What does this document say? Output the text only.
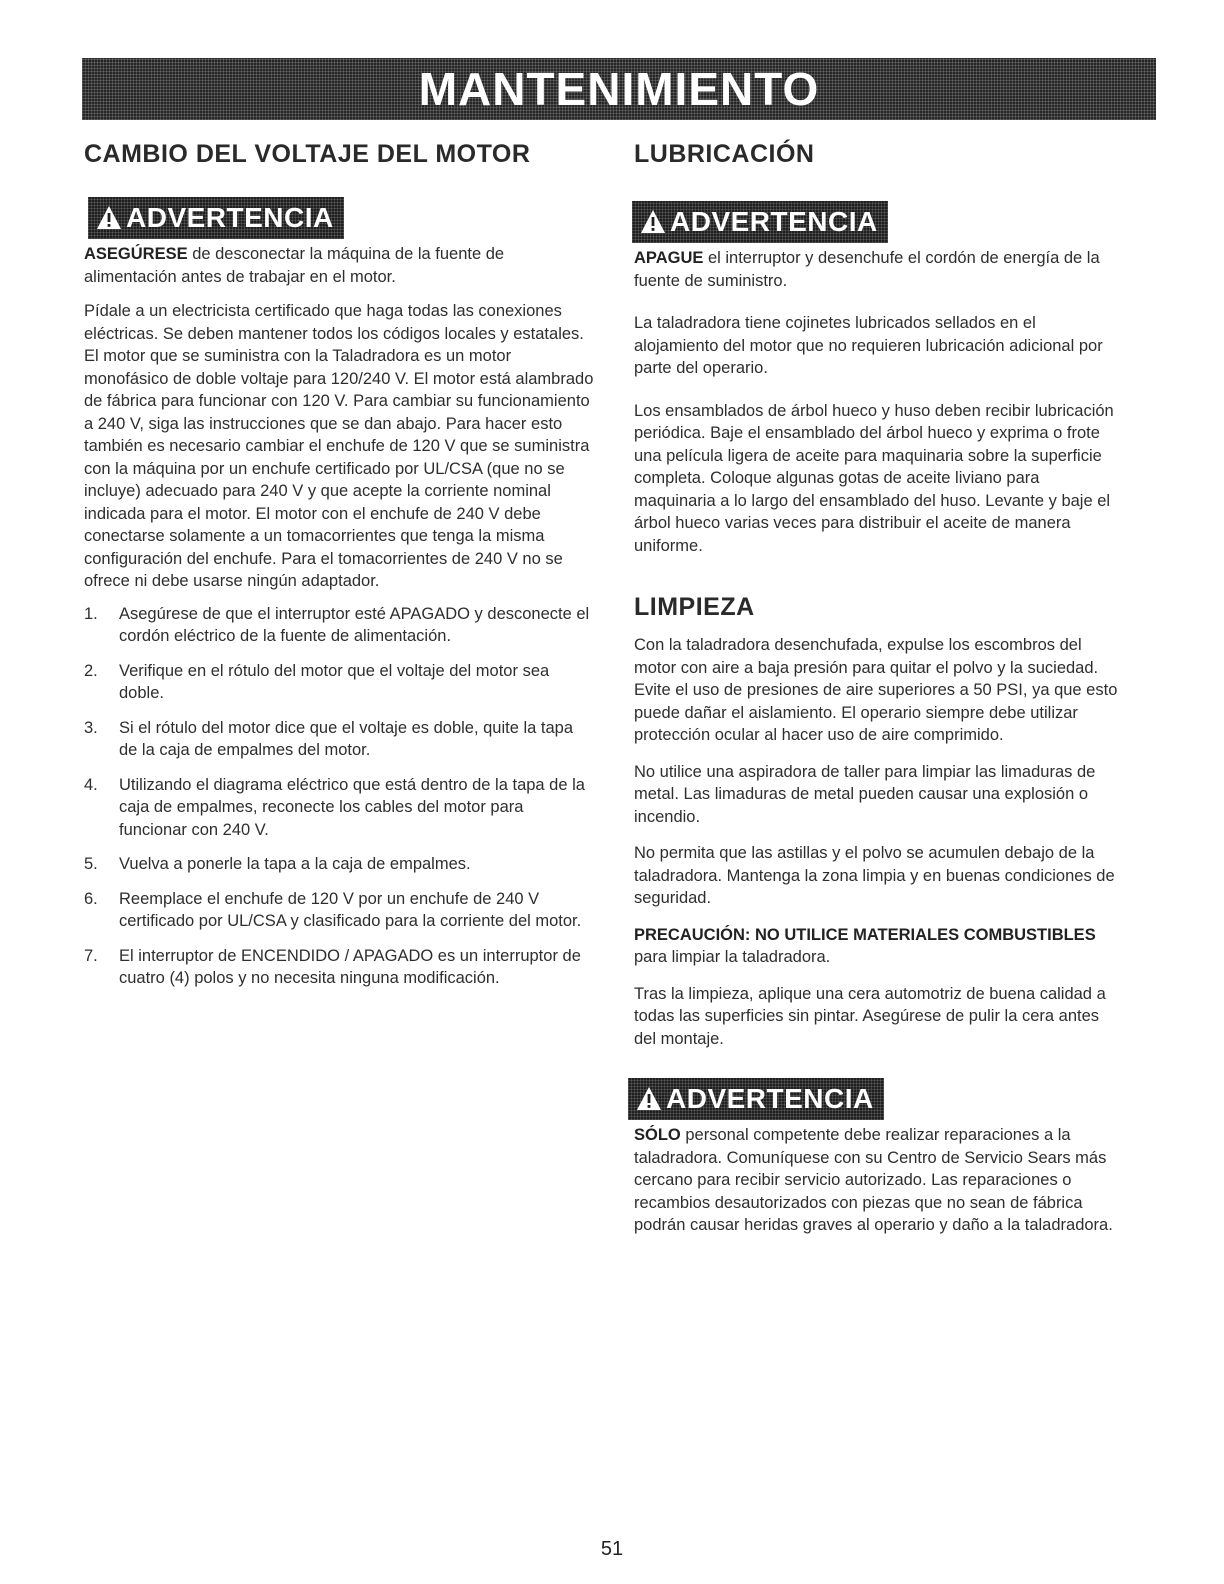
MANTENIMIENTO
CAMBIO DEL VOLTAJE DEL MOTOR
ADVERTENCIA

ASEGÚRESE de desconectar la máquina de la fuente de alimentación antes de trabajar en el motor.

Pídale a un electricista certificado que haga todas las conexiones eléctricas. Se deben mantener todos los códigos locales y estatales. El motor que se suministra con la Taladradora es un motor monofásico de doble voltaje para 120/240 V. El motor está alambrado de fábrica para funcionar con 120 V. Para cambiar su funcionamiento a 240 V, siga las instrucciones que se dan abajo. Para hacer esto también es necesario cambiar el enchufe de 120 V que se suministra con la máquina por un enchufe certificado por UL/CSA (que no se incluye) adecuado para 240 V y que acepte la corriente nominal indicada para el motor. El motor con el enchufe de 240 V debe conectarse solamente a un tomacorrientes que tenga la misma configuración del enchufe. Para el tomacorrientes de 240 V no se ofrece ni debe usarse ningún adaptador.

1. Asegúrese de que el interruptor esté APAGADO y desconecte el cordón eléctrico de la fuente de alimentación.
2. Verifique en el rótulo del motor que el voltaje del motor sea doble.
3. Si el rótulo del motor dice que el voltaje es doble, quite la tapa de la caja de empalmes del motor.
4. Utilizando el diagrama eléctrico que está dentro de la tapa de la caja de empalmes, reconecte los cables del motor para funcionar con 240 V.
5. Vuelva a ponerle la tapa a la caja de empalmes.
6. Reemplace el enchufe de 120 V por un enchufe de 240 V certificado por UL/CSA y clasificado para la corriente del motor.
7. El interruptor de ENCENDIDO / APAGADO es un interruptor de cuatro (4) polos y no necesita ninguna modificación.
LUBRICACIÓN
ADVERTENCIA

APAGUE el interruptor y desenchufe el cordón de energía de la fuente de suministro.

La taladradora tiene cojinetes lubricados sellados en el alojamiento del motor que no requieren lubricación adicional por parte del operario.

Los ensamblados de árbol hueco y huso deben recibir lubricación periódica. Baje el ensamblado del árbol hueco y exprima o frote una película ligera de aceite para maquinaria sobre la superficie completa. Coloque algunas gotas de aceite liviano para maquinaria a lo largo del ensamblado del huso. Levante y baje el árbol hueco varias veces para distribuir el aceite de manera uniforme.

LIMPIEZA

Con la taladradora desenchufada, expulse los escombros del motor con aire a baja presión para quitar el polvo y la suciedad. Evite el uso de presiones de aire superiores a 50 PSI, ya que esto puede dañar el aislamiento. El operario siempre debe utilizar protección ocular al hacer uso de aire comprimido.

No utilice una aspiradora de taller para limpiar las limaduras de metal. Las limaduras de metal pueden causar una explosión o incendio.

No permita que las astillas y el polvo se acumulen debajo de la taladradora. Mantenga la zona limpia y en buenas condiciones de seguridad.

PRECAUCIÓN: NO UTILICE MATERIALES COMBUSTIBLES para limpiar la taladradora.

Tras la limpieza, aplique una cera automotriz de buena calidad a todas las superficies sin pintar. Asegúrese de pulir la cera antes del montaje.

ADVERTENCIA

SÓLO personal competente debe realizar reparaciones a la taladradora. Comuníquese con su Centro de Servicio Sears más cercano para recibir servicio autorizado. Las reparaciones o recambios desautorizados con piezas que no sean de fábrica podrán causar heridas graves al operario y daño a la taladradora.

51
